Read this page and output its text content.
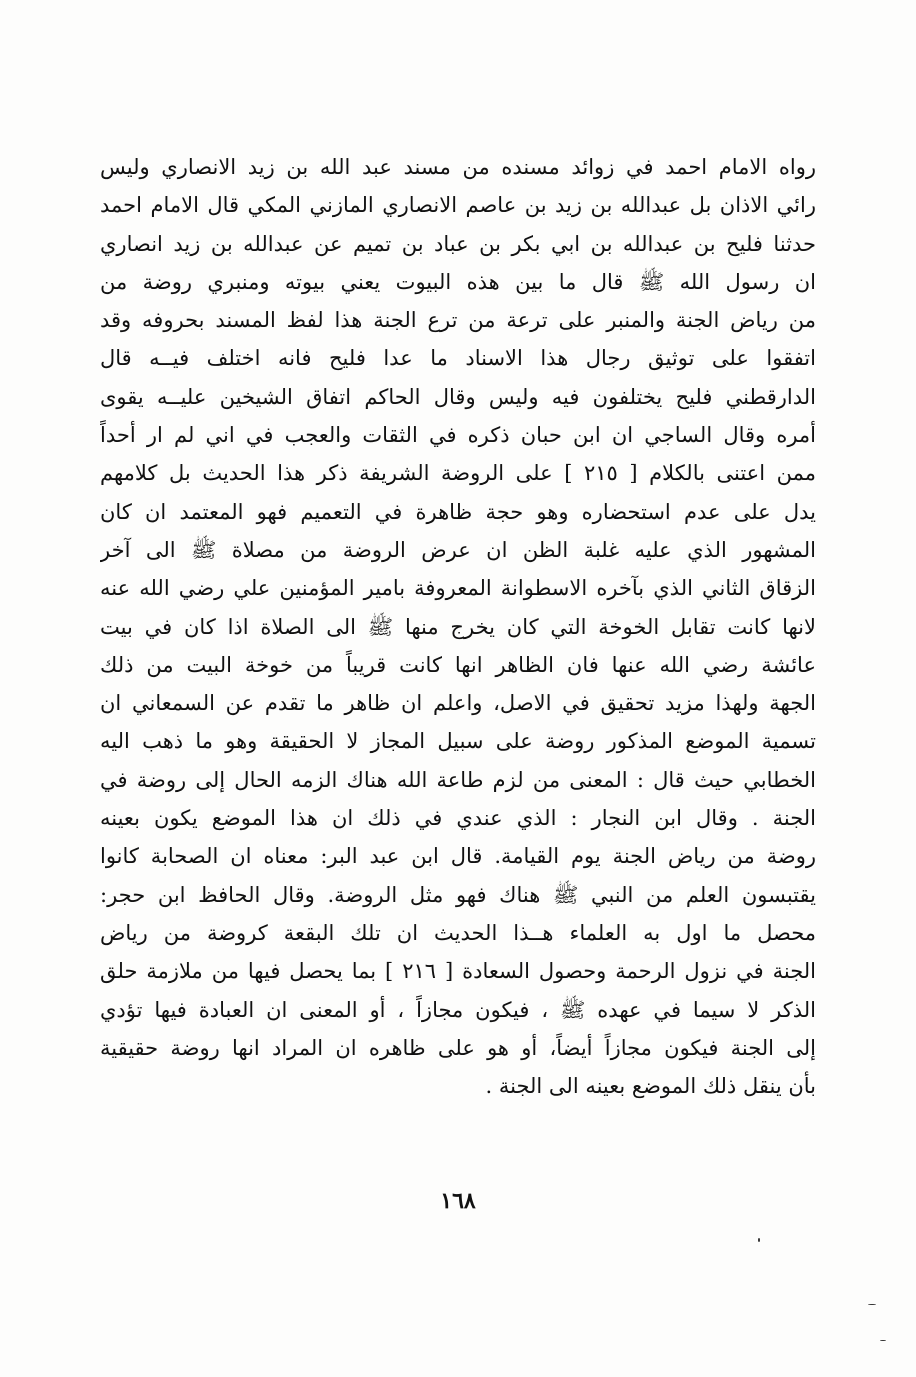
رواه الامام احمد في زوائد مسنده من مسند عبد الله بن زيد الانصاري وليس
رائي الاذان بل عبدالله بن زيد بن عاصم الانصاري المازني المكي قال الامام احمد
حدثنا فليح بن عبدالله بن ابي بكر بن عباد بن تميم عن عبدالله بن زيد انصاري
ان رسول الله ﷺ قال ما بين هذه البيوت يعني بيوته ومنبري روضة من
من رياض الجنة والمنبر على ترعة من ترع الجنة هذا لفظ المسند بحروفه وقد
اتفقوا على توثيق رجال هذا الاسناد ما عدا فليح فانه اختلف فيــه قال
الدارقطني فليح يختلفون فيه وليس وقال الحاكم اتفاق الشيخين عليــه يقوى
أمره وقال الساجي ان ابن حبان ذكره في الثقات والعجب في اني لم ار أحداً
ممن اعتنى بالكلام [ ٢١٥ ] على الروضة الشريفة ذكر هذا الحديث بل كلامهم
يدل على عدم استحضاره وهو حجة ظاهرة في التعميم فهو المعتمد ان كان
المشهور الذي عليه غلبة الظن ان عرض الروضة من مصلاة ﷺ الى آخر
الزقاق الثاني الذي بآخره الاسطوانة المعروفة بامير المؤمنين علي رضي الله عنه
لانها كانت تقابل الخوخة التي كان يخرج منها ﷺ الى الصلاة اذا كان في بيت
عائشة رضي الله عنها فان الظاهر انها كانت قريباً من خوخة البيت من ذلك
الجهة ولهذا مزيد تحقيق في الاصل، واعلم ان ظاهر ما تقدم عن السمعاني ان
تسمية الموضع المذكور روضة على سبيل المجاز لا الحقيقة وهو ما ذهب اليه
الخطابي حيث قال : المعنى من لزم طاعة الله هناك الزمه الحال إلى روضة في
الجنة . وقال ابن النجار : الذي عندي في ذلك ان هذا الموضع يكون بعينه
روضة من رياض الجنة يوم القيامة. قال ابن عبد البر: معناه ان الصحابة كانوا
يقتبسون العلم من النبي ﷺ هناك فهو مثل الروضة. وقال الحافظ ابن حجر:
محصل ما اول به العلماء هــذا الحديث ان تلك البقعة كروضة من رياض
الجنة في نزول الرحمة وحصول السعادة [ ٢١٦ ] بما يحصل فيها من ملازمة حلق
الذكر لا سيما في عهده ﷺ ، فيكون مجازاً ، أو المعنى ان العبادة فيها تؤدي
إلى الجنة فيكون مجازاً أيضاً، أو هو على ظاهره ان المراد انها روضة حقيقية
بأن ينقل ذلك الموضع بعينه الى الجنة .
١٦٨
